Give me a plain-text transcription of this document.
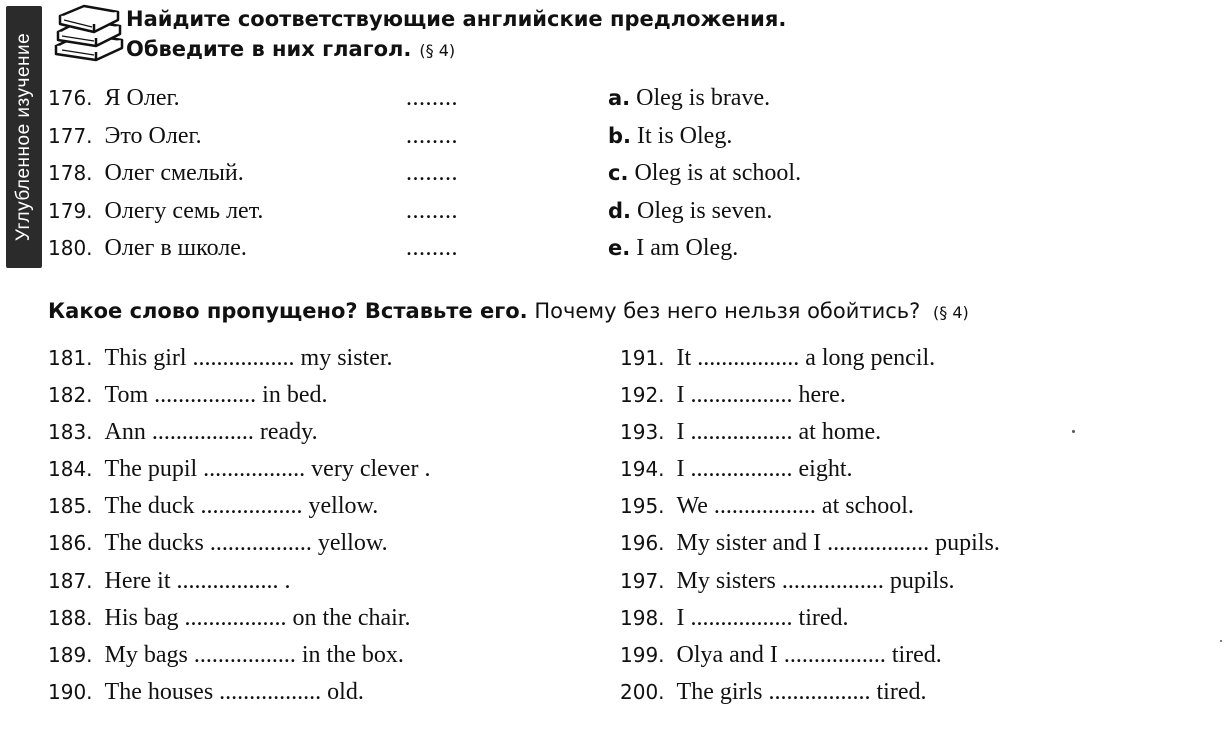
Углубленное изучение
Найдите соответствующие английские предложения.
Обведите в них глагол. (§ 4)
176. Я Олег.	........	a. Oleg is brave.
177. Это Олег.	........	b. It is Oleg.
178. Олег смелый.	........	c. Oleg is at school.
179. Олегу семь лет.	........	d. Oleg is seven.
180. Олег в школе.	........	e. I am Oleg.
Какое слово пропущено? Вставьте его. Почему без него нельзя обойтись? (§ 4)
181. This girl ................. my sister.
182. Tom ................. in bed.
183. Ann ................. ready.
184. The pupil ................. very clever .
185. The duck ................. yellow.
186. The ducks ................. yellow.
187. Here it ................. .
188. His bag ................. on the chair.
189. My bags ................. in the box.
190. The houses ................. old.
191. It ................. a long pencil.
192. I ................. here.
193. I ................. at home.
194. I ................. eight.
195. We ................. at school.
196. My sister and I ................. pupils.
197. My sisters ................. pupils.
198. I ................. tired.
199. Olya and I ................. tired.
200. The girls ................. tired.
